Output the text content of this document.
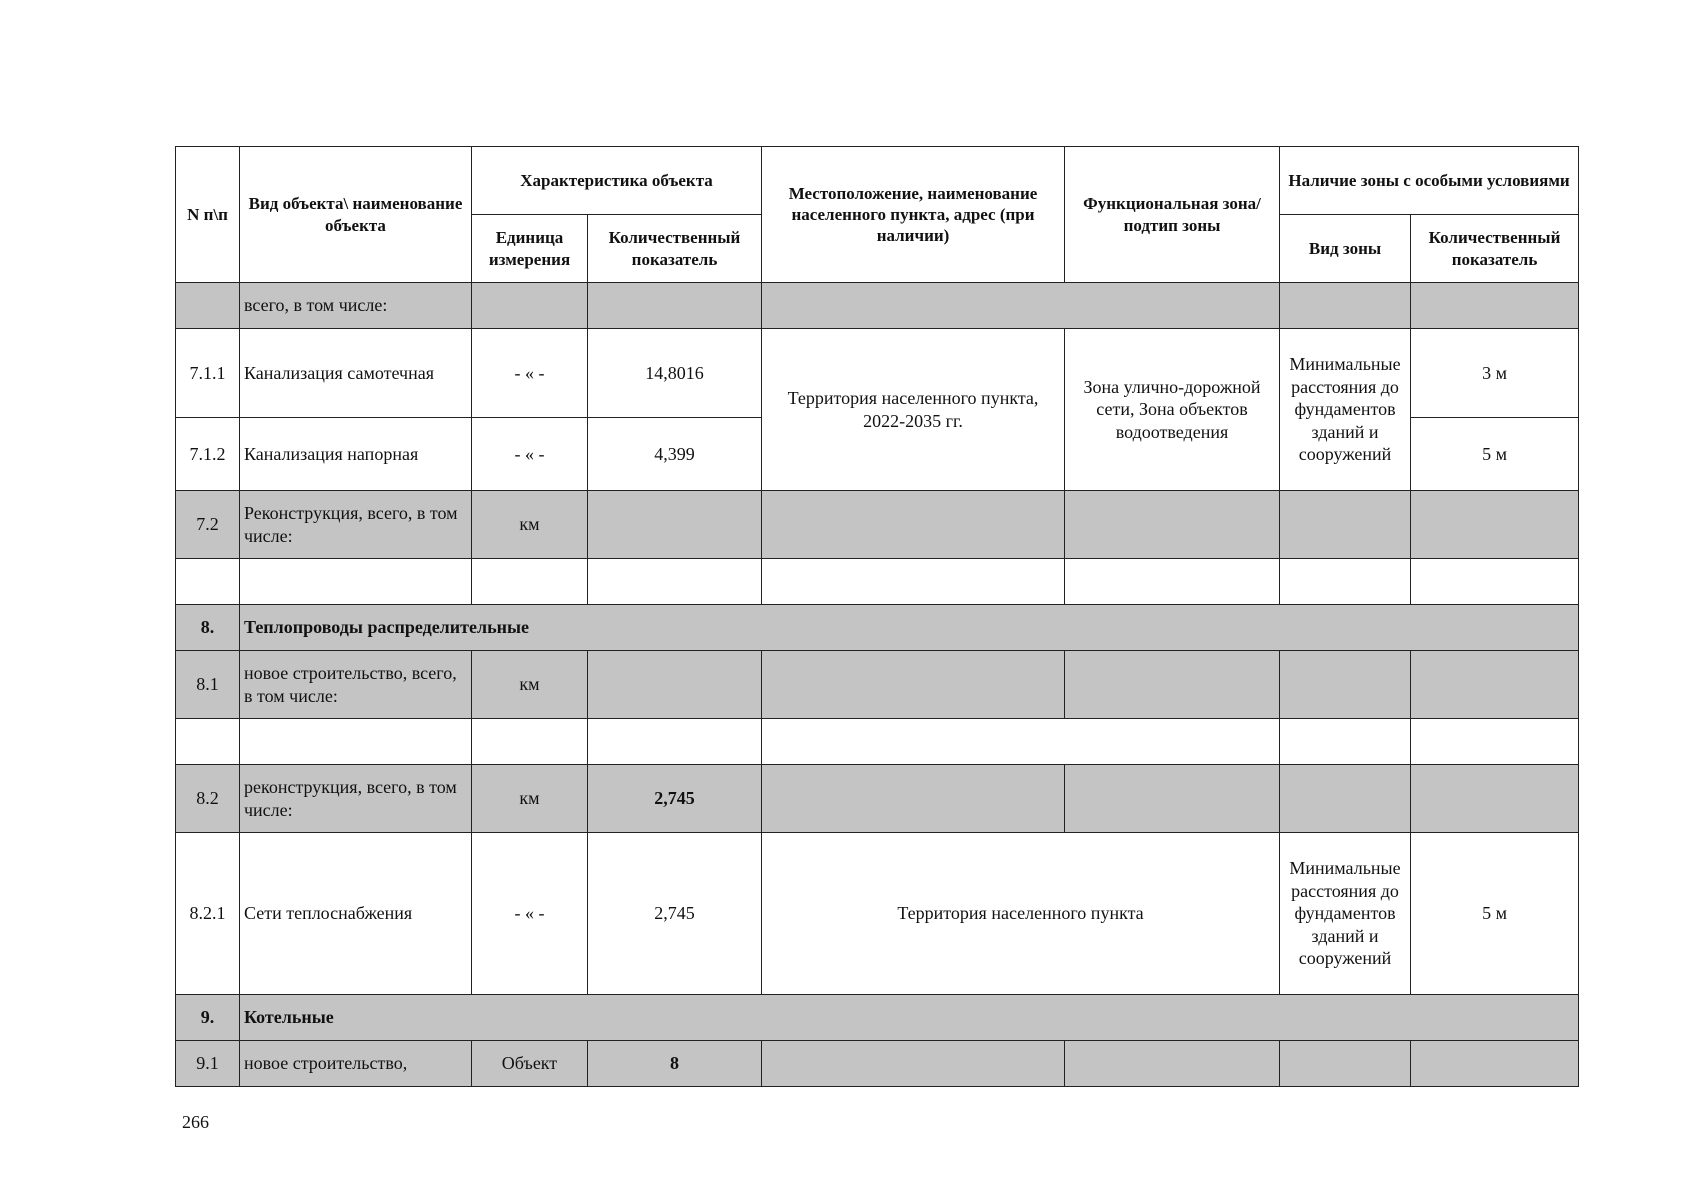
N п\п	Вид объекта\ наименование объекта	Характеристика объекта		Местоположение, наименование населенного пункта, адрес (при наличии)	Функциональная зона/ подтип зоны	Наличие зоны с особыми условиями	
		Единица измерения	Количественный показатель			Вид зоны	Количественный показатель
	всего, в том числе:						
7.1.1	Канализация самотечная	- « -	14,8016	Территория населенного пункта, 2022-2035 гг.	Зона улично-дорожной сети, Зона объектов водоотведения	Минимальные расстояния до фундаментов зданий и сооружений	3 м
7.1.2	Канализация напорная	- « -	4,399				5 м
7.2	Реконструкция, всего, в том числе:	км					

8.	Теплопроводы распределительные						
8.1	новое строительство, всего, в том числе:	км					

8.2	реконструкция, всего, в том числе:	км	2,745				
8.2.1	Сети теплоснабжения	- « -	2,745	Территория населенного пункта		Минимальные расстояния до фундаментов зданий и сооружений	5 м
9.	Котельные						
9.1	новое строительство,	Объект	8				
266
